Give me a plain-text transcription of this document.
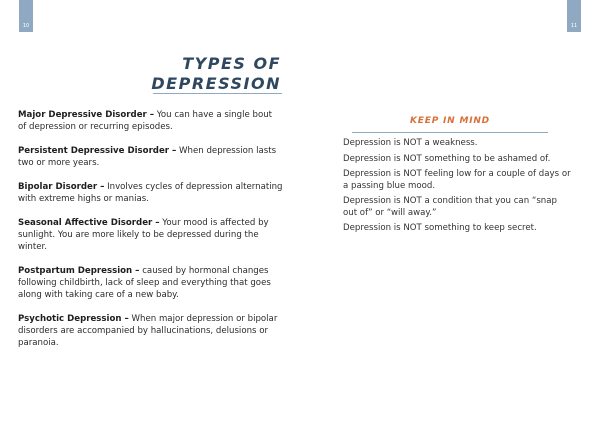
10	11
TYPES OF
DEPRESSION
Major Depressive Disorder – You can have a single bout of depression or recurring episodes.
Persistent Depressive Disorder – When depression lasts two or more years.
Bipolar Disorder – Involves cycles of depression alternating with extreme highs or manias.
Seasonal Affective Disorder – Your mood is affected by sunlight. You are more likely to be depressed during the winter.
Postpartum Depression – caused by hormonal changes following childbirth, lack of sleep and everything that goes along with taking care of a new baby.
Psychotic Depression – When major depression or bipolar disorders are accompanied by hallucinations, delusions or paranoia.
KEEP IN MIND
Depression is NOT a weakness.
Depression is NOT something to be ashamed of.
Depression is NOT feeling low for a couple of days or a passing blue mood.
Depression is NOT a condition that you can “snap out of” or “will away.”
Depression is NOT something to keep secret.
